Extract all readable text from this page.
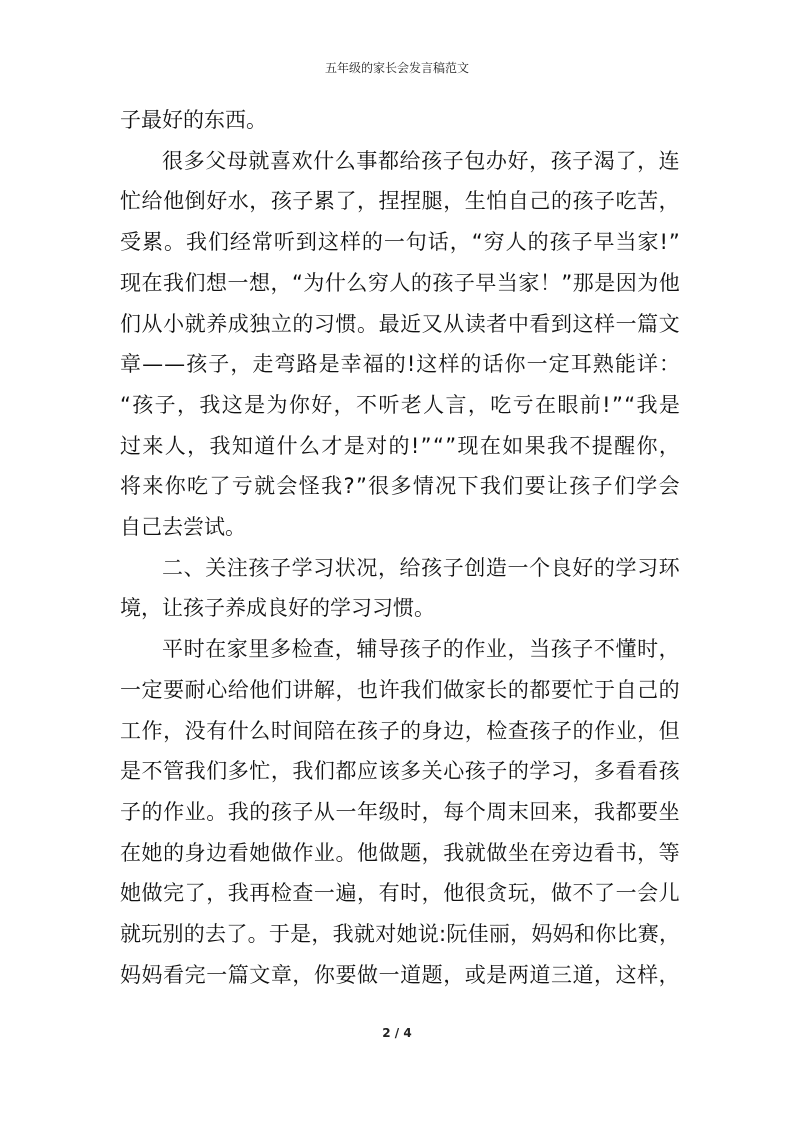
五年级的家长会发言稿范文
子 最 好 的 东 西 。
很 多 父 母 就 喜 欢 什 么 事 都 给 孩 子 包 办 好 ， 孩 子 渴 了 ， 连
忙 给 他 倒 好 水 ， 孩 子 累 了 ， 捏 捏 腿 ， 生 怕 自 己 的 孩 子 吃 苦 ，
受 累 。 我 们 经 常 听 到 这 样 的 一 句 话 ， “ 穷 人 的 孩 子 早 当 家 ! ”
现 在 我 们 想 一 想 ， “ 为 什 么 穷 人 的 孩 子 早 当 家 ！ ” 那 是 因 为 他
们 从 小 就 养 成 独 立 的 习 惯 。 最 近 又 从 读 者 中 看 到 这 样 一 篇 文
章 — — 孩 子 ， 走 弯 路 是 幸 福 的 ! 这 样 的 话 你 一 定 耳 熟 能 详 ：
“ 孩 子 ， 我 这 是 为 你 好 ， 不 听 老 人 言 ， 吃 亏 在 眼 前 ! ” “ 我 是
过 来 人 ， 我 知 道 什 么 才 是 对 的 ! ” “ ” 现 在 如 果 我 不 提 醒 你 ，
将 来 你 吃 了 亏 就 会 怪 我 ? ” 很 多 情 况 下 我 们 要 让 孩 子 们 学 会
自 己 去 尝 试 。
二 、 关 注 孩 子 学 习 状 况 ， 给 孩 子 创 造 一 个 良 好 的 学 习 环
境 ， 让 孩 子 养 成 良 好 的 学 习 习 惯 。
平 时 在 家 里 多 检 查 ， 辅 导 孩 子 的 作 业 ， 当 孩 子 不 懂 时 ，
一 定 要 耐 心 给 他 们 讲 解 ， 也 许 我 们 做 家 长 的 都 要 忙 于 自 己 的
工 作 ， 没 有 什 么 时 间 陪 在 孩 子 的 身 边 ， 检 查 孩 子 的 作 业 ， 但
是 不 管 我 们 多 忙 ， 我 们 都 应 该 多 关 心 孩 子 的 学 习 ， 多 看 看 孩
子 的 作 业 。 我 的 孩 子 从 一 年 级 时 ， 每 个 周 末 回 来 ， 我 都 要 坐
在 她 的 身 边 看 她 做 作 业 。 他 做 题 ， 我 就 做 坐 在 旁 边 看 书 ， 等
她 做 完 了 ， 我 再 检 查 一 遍 ， 有 时 ， 他 很 贪 玩 ， 做 不 了 一 会 儿
就 玩 别 的 去 了 。 于 是 ， 我 就 对 她 说 : 阮 佳 丽 ， 妈 妈 和 你 比 赛 ，
妈 妈 看 完 一 篇 文 章 ， 你 要 做 一 道 题 ， 或 是 两 道 三 道 ， 这 样 ，
2 / 4
